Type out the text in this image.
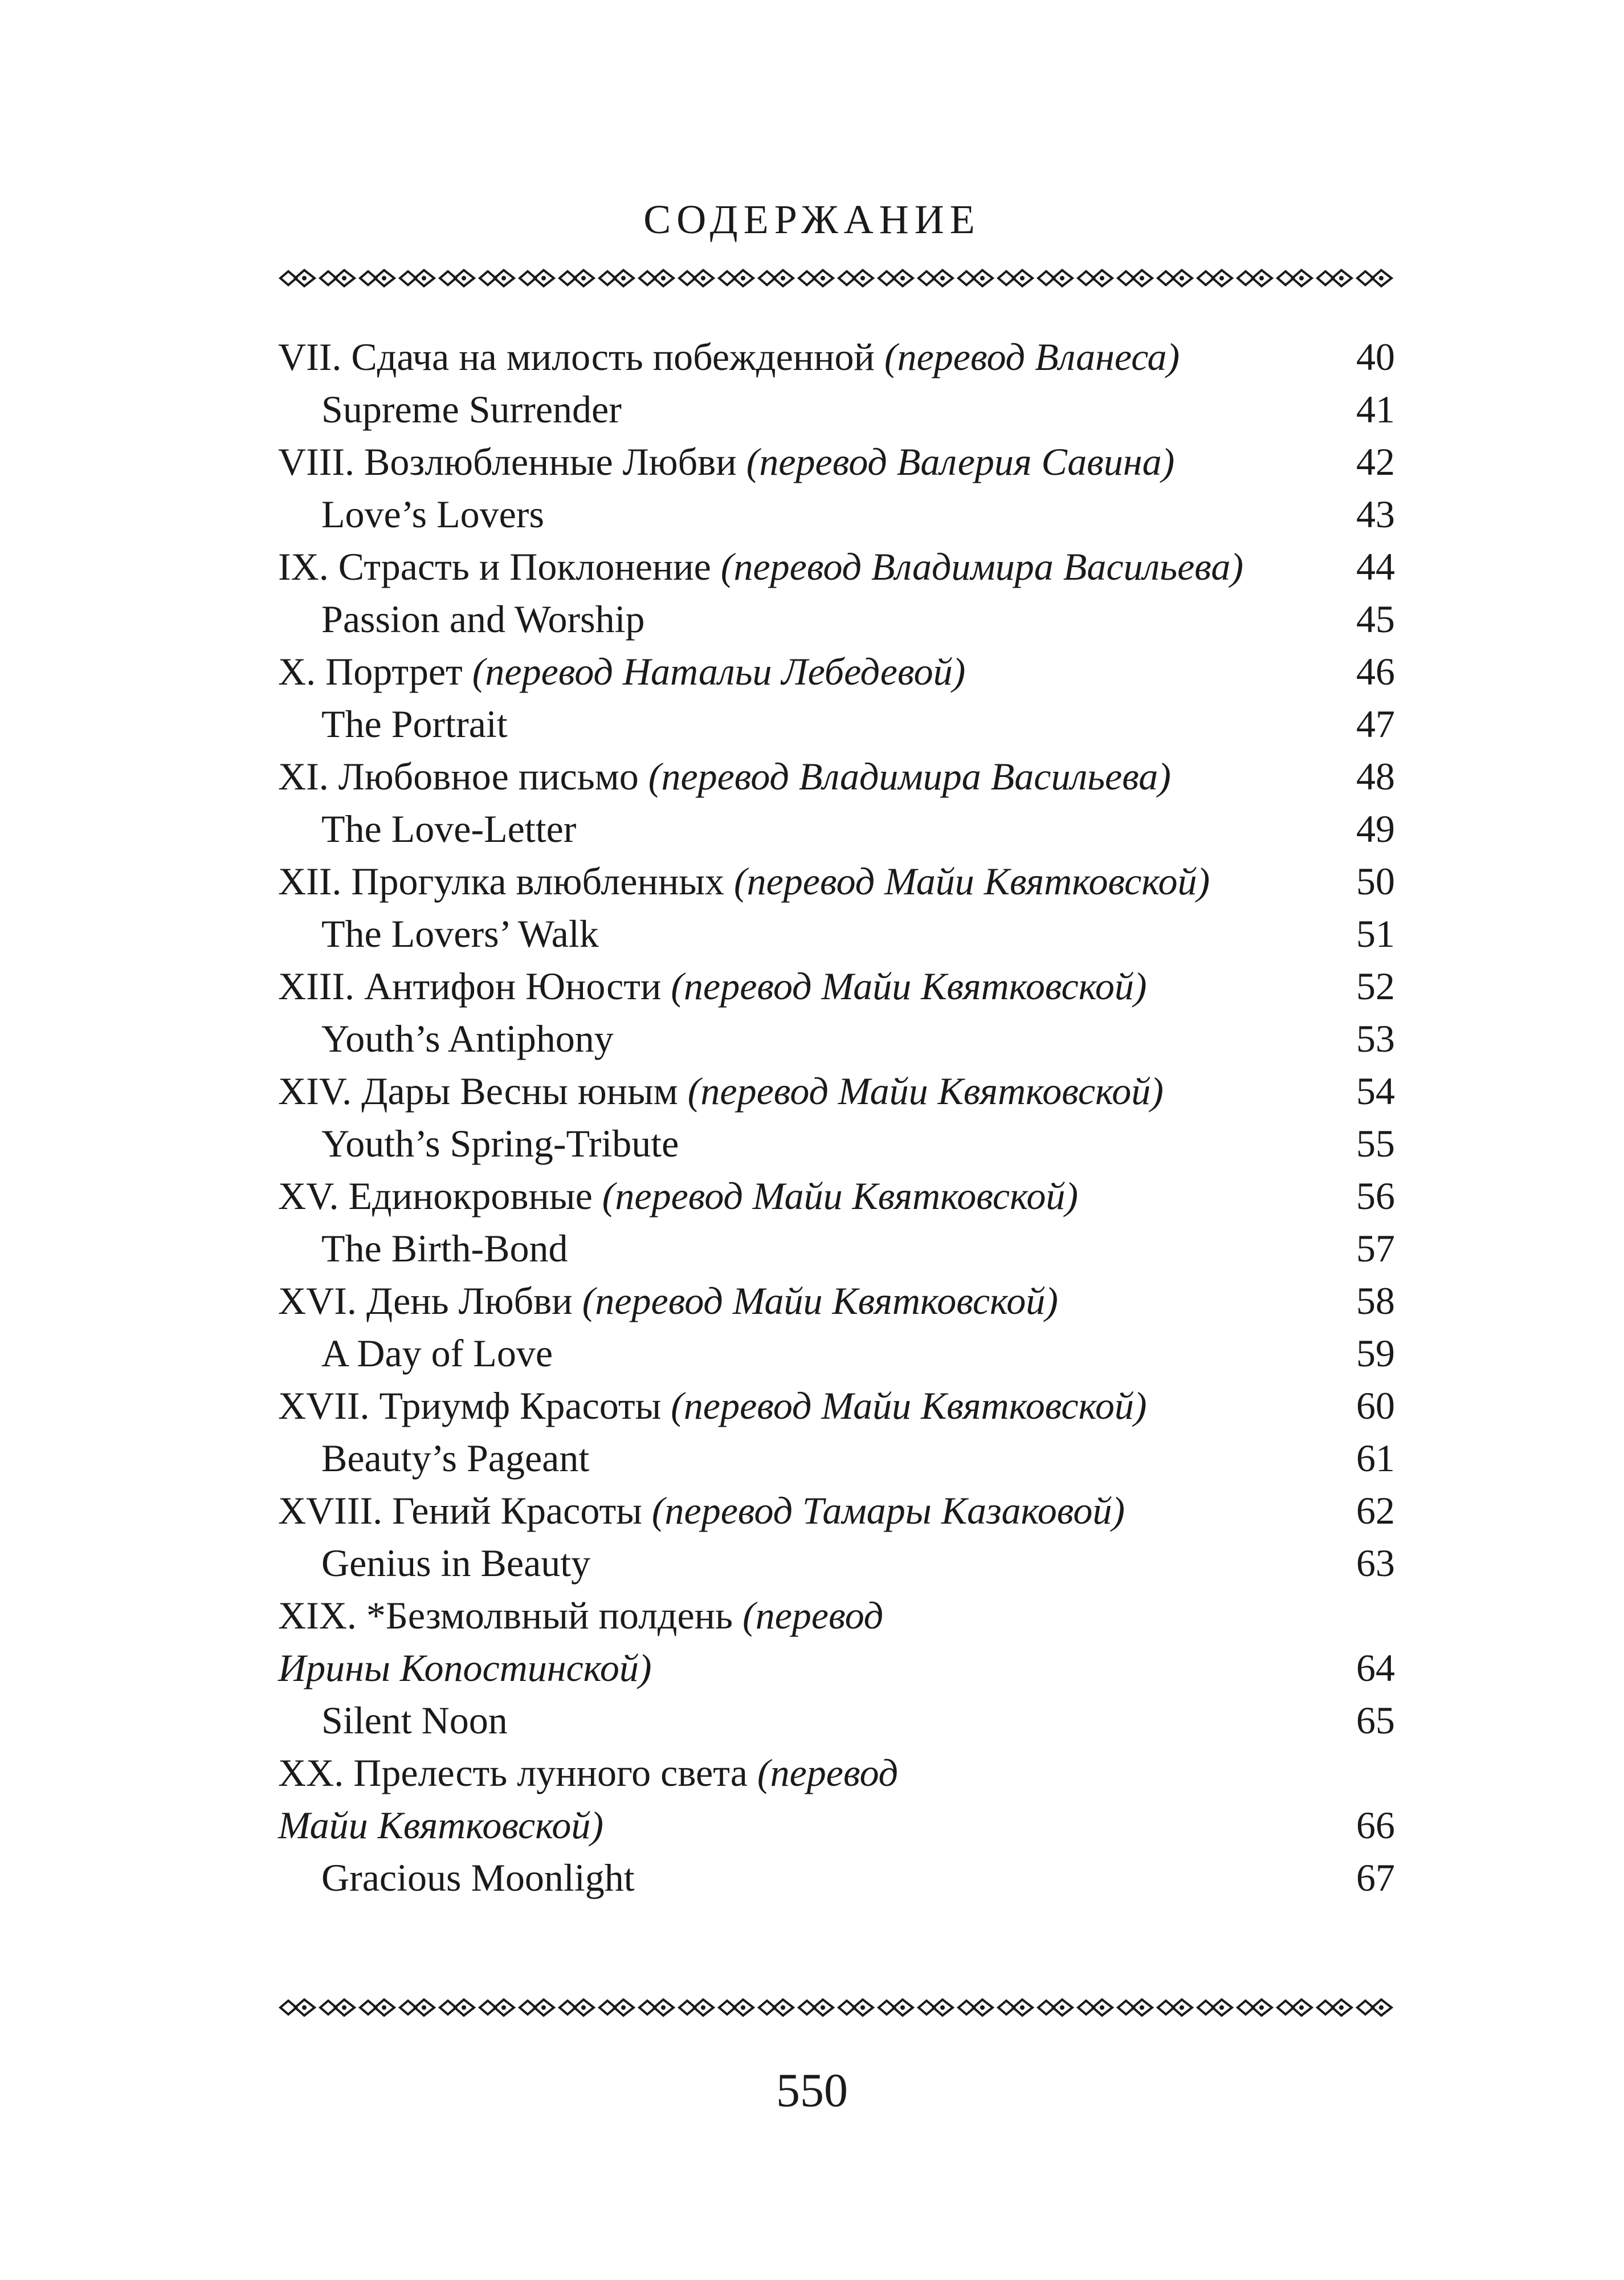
СОДЕРЖАНИЕ
VII. Сдача на милость побежденной (перевод Вланеса)	40
Supreme Surrender	41
VIII. Возлюбленные Любви (перевод Валерия Савина)	42
Love’s Lovers	43
IX. Страсть и Поклонение (перевод Владимира Васильева)	44
Passion and Worship	45
X. Портрет (перевод Натальи Лебедевой)	46
The Portrait	47
XI. Любовное письмо (перевод Владимира Васильева)	48
The Love-Letter	49
XII. Прогулка влюбленных (перевод Майи Квятковской)	50
The Lovers’ Walk	51
XIII. Антифон Юности (перевод Майи Квятковской)	52
Youth’s Antiphony	53
XIV. Дары Весны юным (перевод Майи Квятковской)	54
Youth’s Spring-Tribute	55
XV. Единокровные (перевод Майи Квятковской)	56
The Birth-Bond	57
XVI. День Любви (перевод Майи Квятковской)	58
A Day of Love	59
XVII. Триумф Красоты (перевод Майи Квятковской)	60
Beauty’s Pageant	61
XVIII. Гений Красоты (перевод Тамары Казаковой)	62
Genius in Beauty	63
XIX. *Безмолвный полдень (перевод
Ирины Копостинской)	64
Silent Noon	65
XX. Прелесть лунного света (перевод
Майи Квятковской)	66
Gracious Moonlight	67
550
